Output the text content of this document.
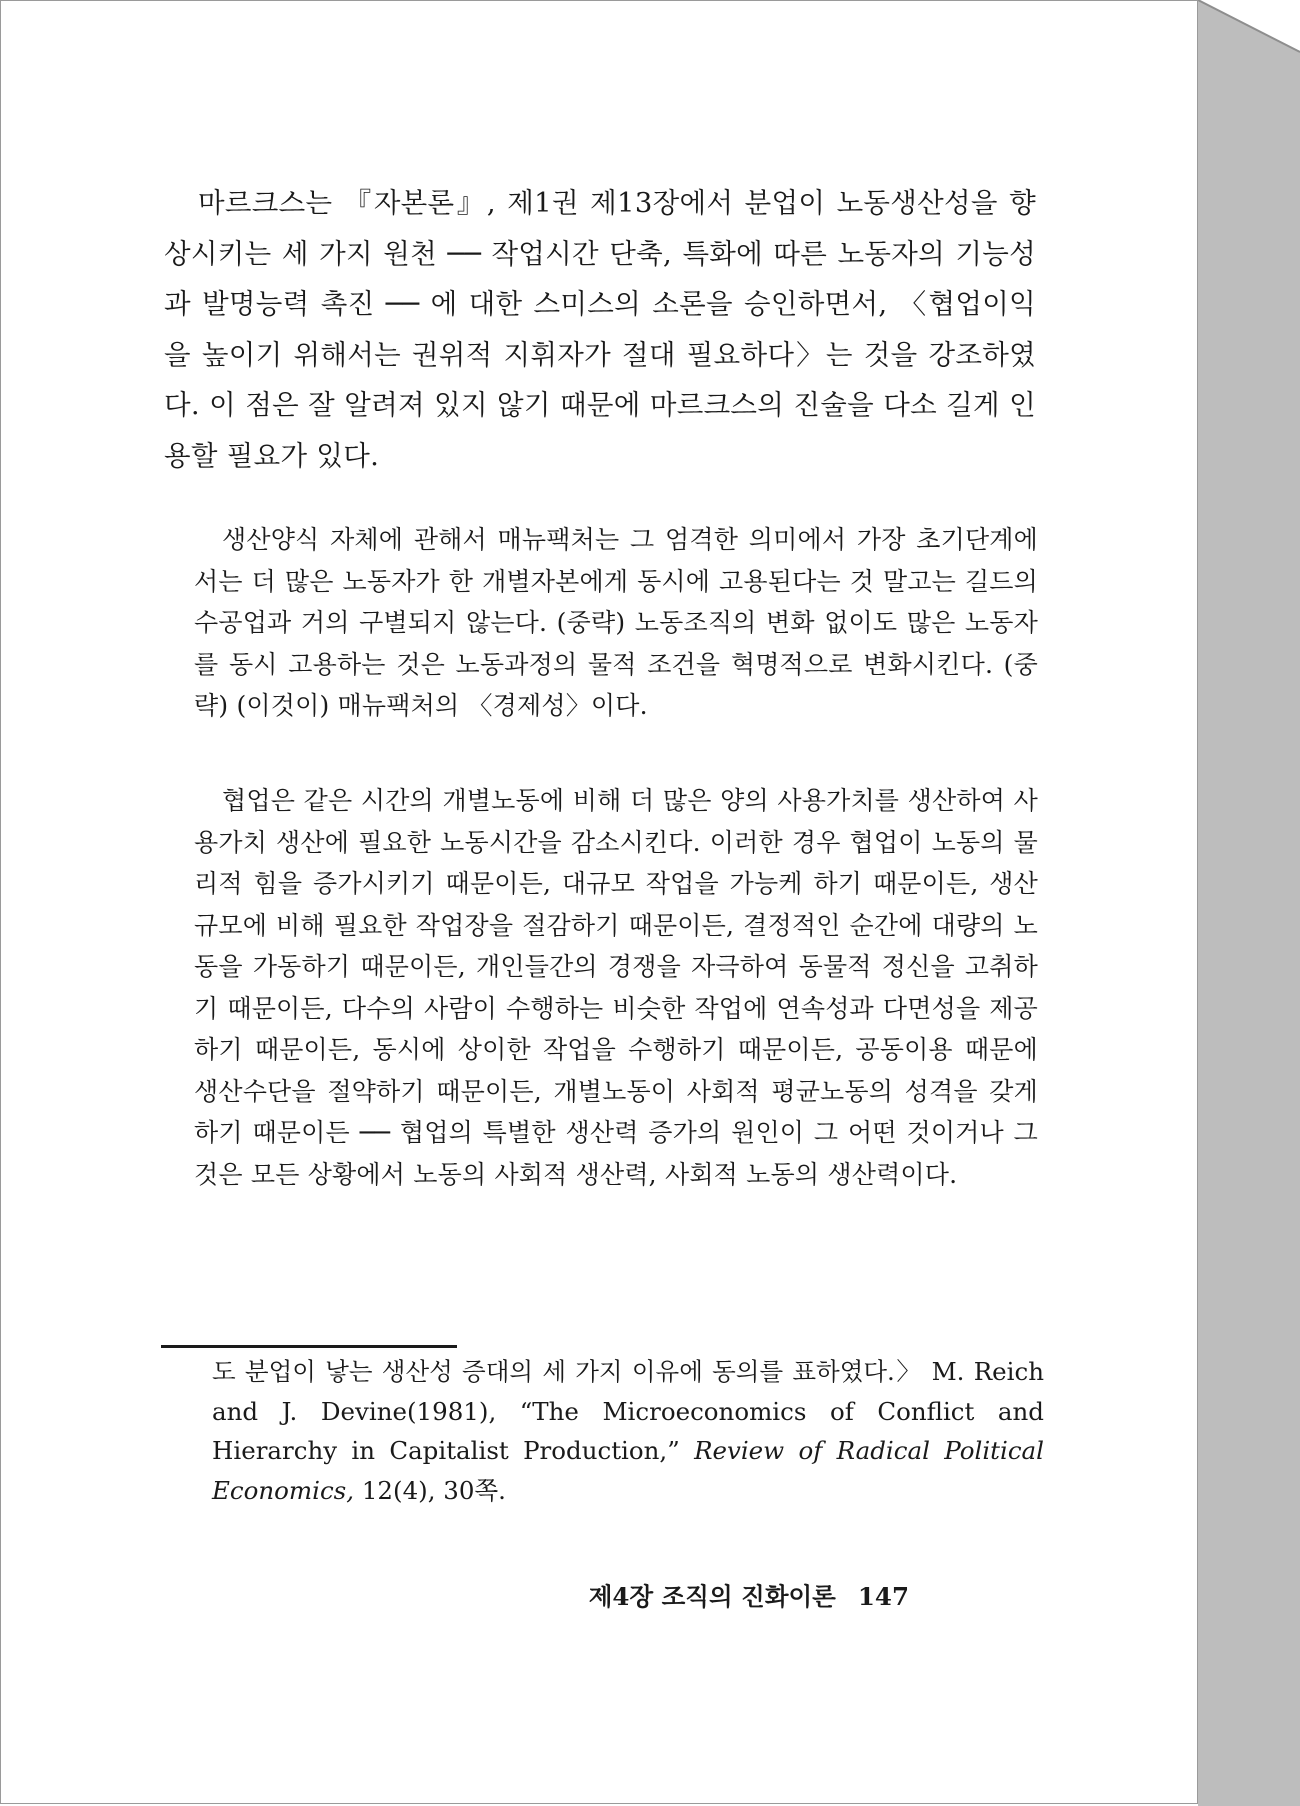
마르크스는 『자본론』, 제1권 제13장에서 분업이 노동생산성을 향상시키는 세 가지 원천 ── 작업시간 단축, 특화에 따른 노동자의 기능성과 발명능력 촉진 ── 에 대한 스미스의 소론을 승인하면서, 〈협업이익을 높이기 위해서는 권위적 지휘자가 절대 필요하다〉는 것을 강조하였다. 이 점은 잘 알려져 있지 않기 때문에 마르크스의 진술을 다소 길게 인용할 필요가 있다.

생산양식 자체에 관해서 매뉴팩처는 그 엄격한 의미에서 가장 초기단계에서는 더 많은 노동자가 한 개별자본에게 동시에 고용된다는 것 말고는 길드의 수공업과 거의 구별되지 않는다. (중략) 노동조직의 변화 없이도 많은 노동자를 동시 고용하는 것은 노동과정의 물적 조건을 혁명적으로 변화시킨다. (중략) (이것이) 매뉴팩처의 〈경제성〉이다.

협업은 같은 시간의 개별노동에 비해 더 많은 양의 사용가치를 생산하여 사용가치 생산에 필요한 노동시간을 감소시킨다. 이러한 경우 협업이 노동의 물리적 힘을 증가시키기 때문이든, 대규모 작업을 가능케 하기 때문이든, 생산규모에 비해 필요한 작업장을 절감하기 때문이든, 결정적인 순간에 대량의 노동을 가동하기 때문이든, 개인들간의 경쟁을 자극하여 동물적 정신을 고취하기 때문이든, 다수의 사람이 수행하는 비슷한 작업에 연속성과 다면성을 제공하기 때문이든, 동시에 상이한 작업을 수행하기 때문이든, 공동이용 때문에 생산수단을 절약하기 때문이든, 개별노동이 사회적 평균노동의 성격을 갖게 하기 때문이든 ── 협업의 특별한 생산력 증가의 원인이 그 어떤 것이거나 그것은 모든 상황에서 노동의 사회적 생산력, 사회적 노동의 생산력이다.

도 분업이 낳는 생산성 증대의 세 가지 이유에 동의를 표하였다.〉 M. Reich and J. Devine(1981), “The Microeconomics of Conflict and Hierarchy in Capitalist Production,” Review of Radical Political Economics, 12(4), 30쪽.

제4장 조직의 진화이론 147
